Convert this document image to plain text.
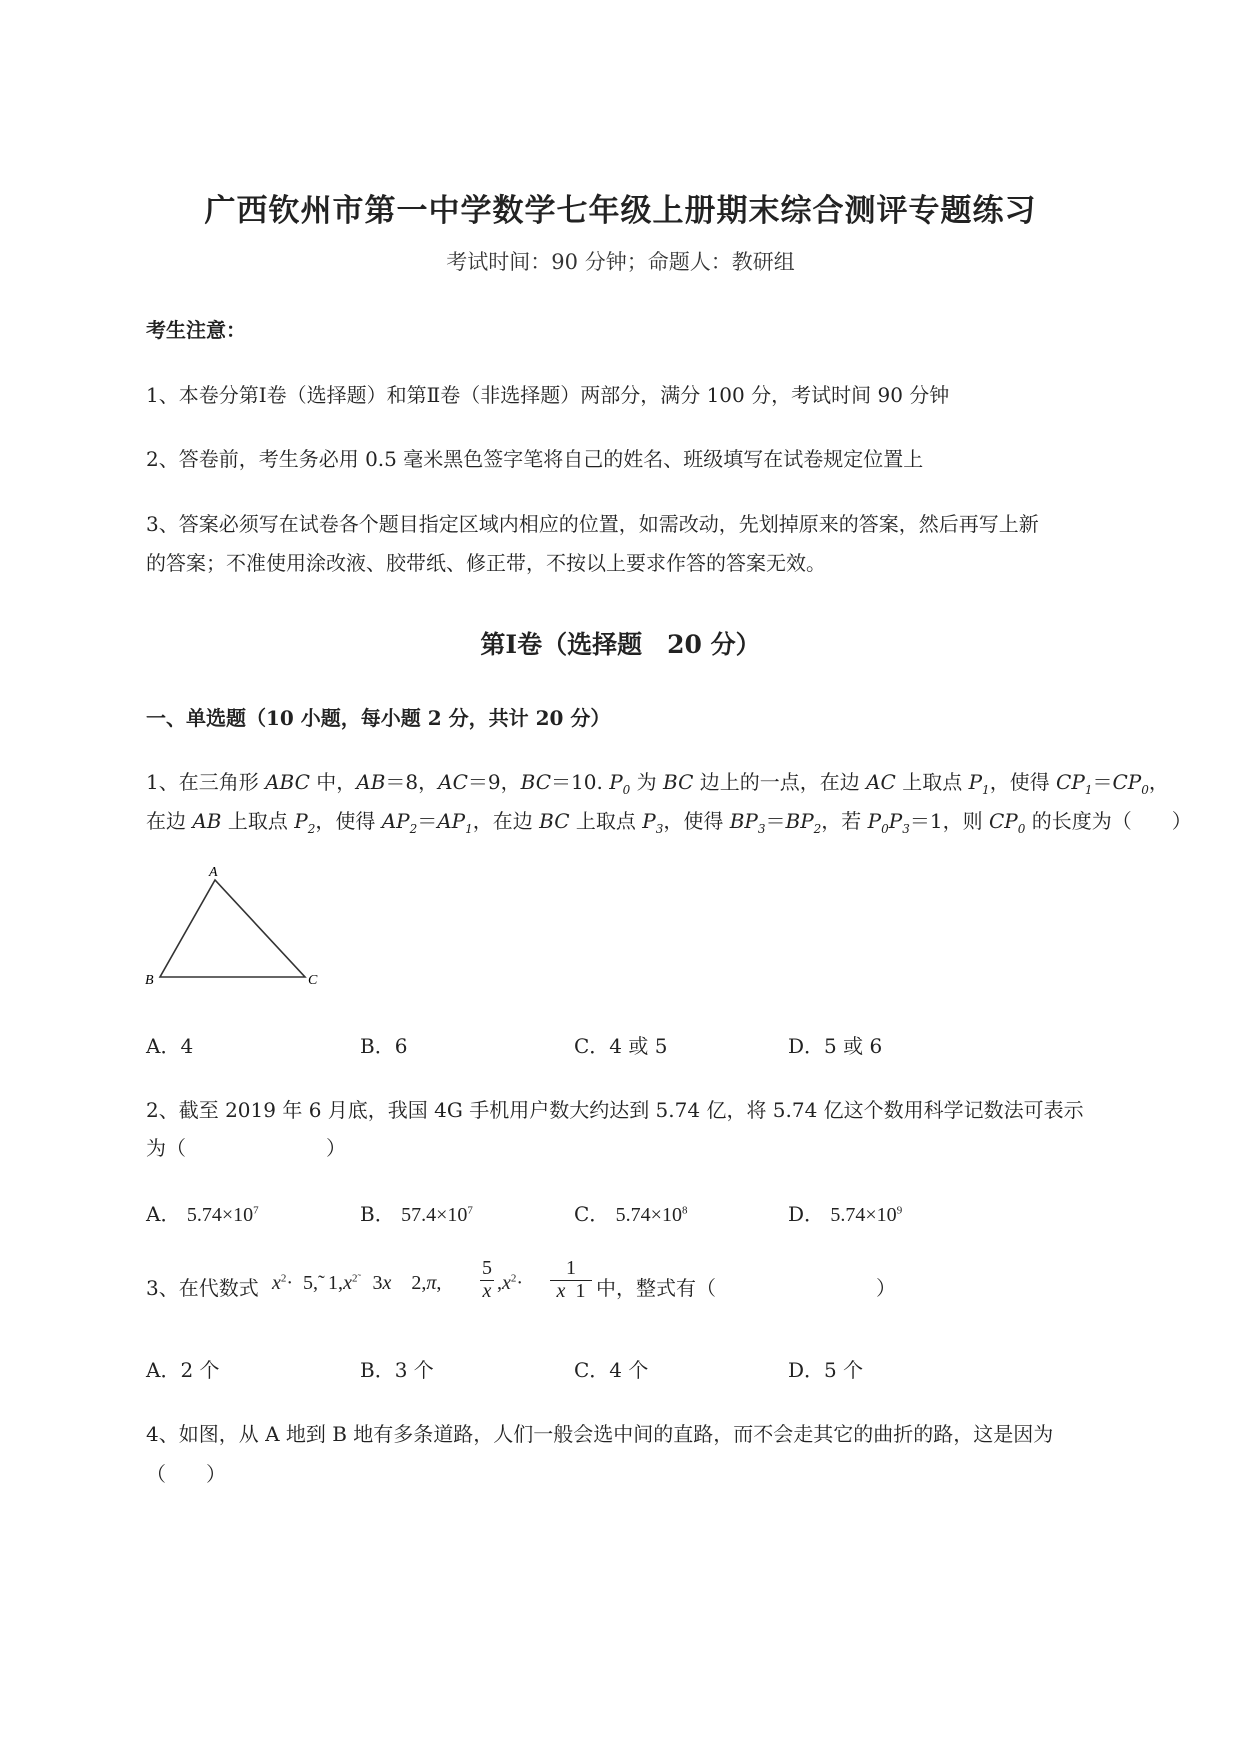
广西钦州市第一中学数学七年级上册期末综合测评专题练习
考试时间：90 分钟；命题人：教研组
考生注意：
1、本卷分第Ⅰ卷（选择题）和第Ⅱ卷（非选择题）两部分，满分 100 分，考试时间 90 分钟
2、答卷前，考生务必用 0.5 毫米黑色签字笔将自己的姓名、班级填写在试卷规定位置上
3、答案必须写在试卷各个题目指定区域内相应的位置，如需改动，先划掉原来的答案，然后再写上新
的答案；不准使用涂改液、胶带纸、修正带，不按以上要求作答的答案无效。
第Ⅰ卷（选择题　20 分）
一、单选题（10 小题，每小题 2 分，共计 20 分）
1、在三角形 ABC 中，AB＝8，AC＝9，BC＝10. $P_0$ 为 BC 边上的一点，在边 AC 上取点 $P_1$，使得 $CP_1=CP_0$，
在边 AB 上取点 $P_2$，使得 $AP_2=AP_1$，在边 BC 上取点 $P_3$，使得 $BP_3=BP_2$，若 $P_0P_3=1$，则 $CP_0$ 的长度为（　　）
A
B	C
A．4	B．6	C．4 或 5	D．5 或 6
2、截至 2019 年 6 月底，我国 4G 手机用户数大约达到 5.74 亿，将 5.74 亿这个数用科学记数法可表示
为（　　　　　　　）
A． $5.74\times 10^7$	B． $57.4\times 10^7$	C． $5.74\times 10^8$	D． $5.74\times 10^9$
3、在代数式 $x^2\cdot$  5,̃  $1,x^{2̃}$   3x    2,π,
5

x $,x^2\cdot$
1

x  1 中，整式有（　　　　　　　　）
A．2 个	B．3 个	C．4 个	D．5 个
4、如图，从 A 地到 B 地有多条道路，人们一般会选中间的直路，而不会走其它的曲折的路，这是因为
（　　）
